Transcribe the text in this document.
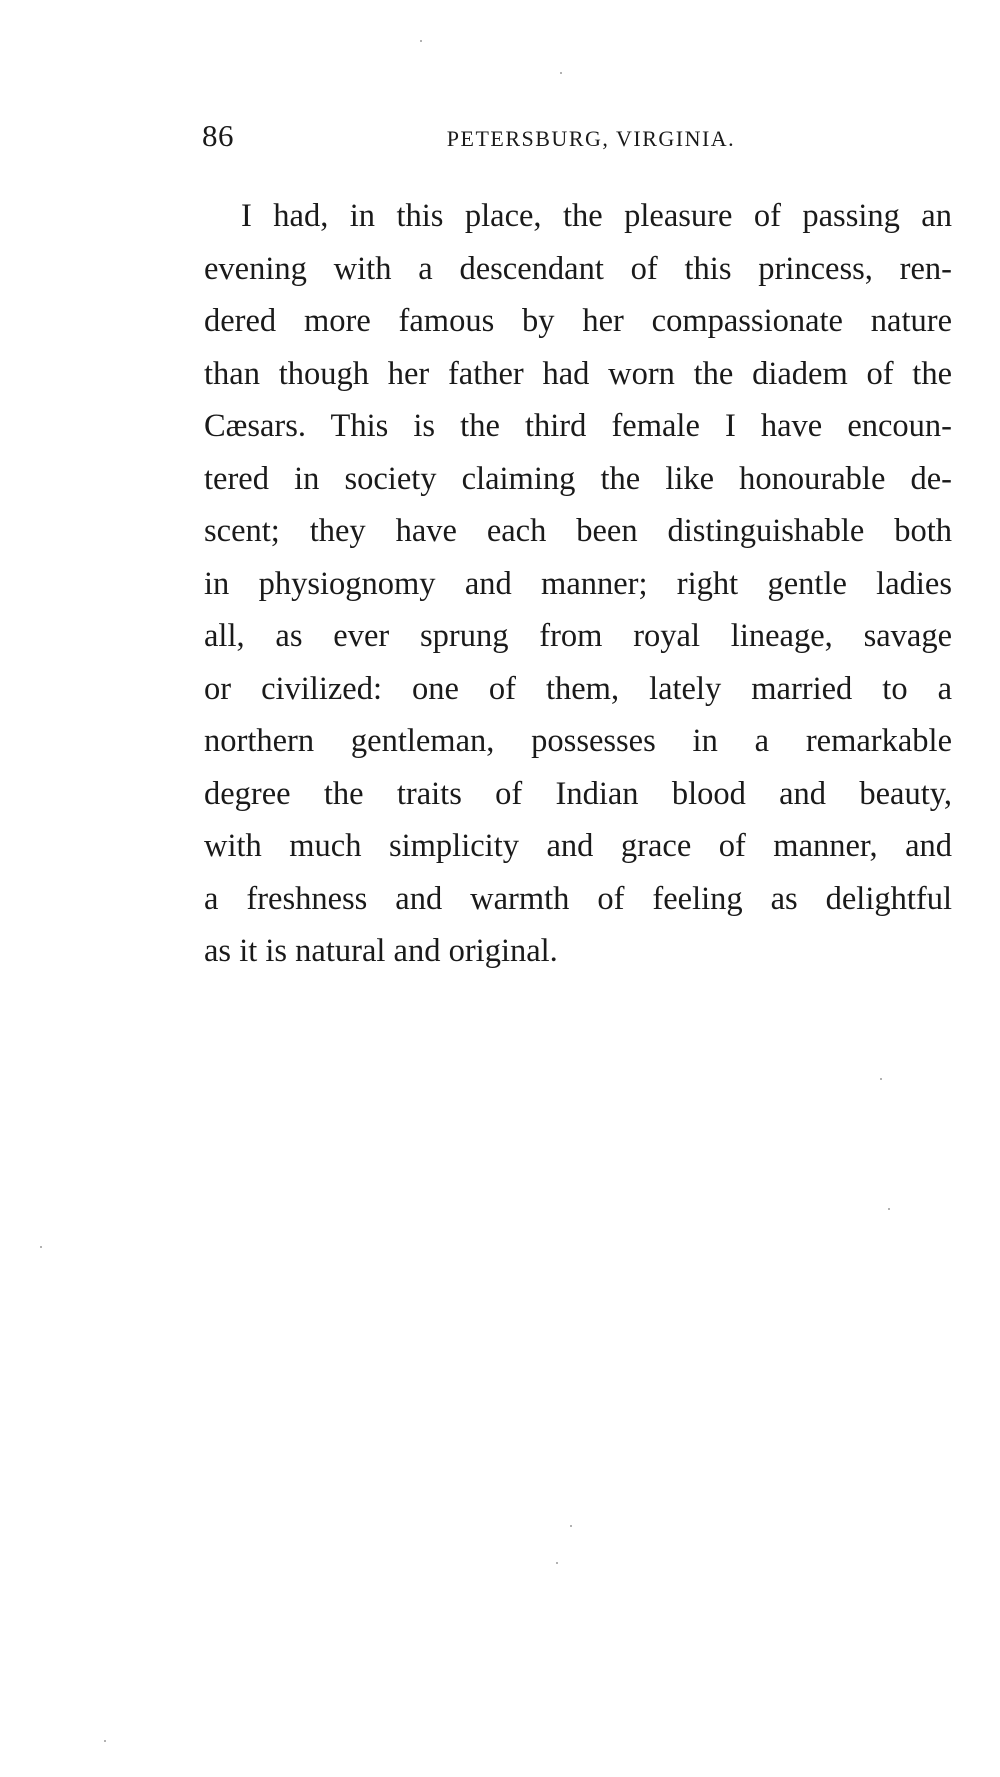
86	PETERSBURG, VIRGINIA.
I had, in this place, the pleasure of passing an
evening with a descendant of this princess, ren-
dered more famous by her compassionate nature
than though her father had worn the diadem of the
Cæsars. This is the third female I have encoun-
tered in society claiming the like honourable de-
scent; they have each been distinguishable both
in physiognomy and manner; right gentle ladies
all, as ever sprung from royal lineage, savage
or civilized: one of them, lately married to a
northern gentleman, possesses in a remarkable
degree the traits of Indian blood and beauty,
with much simplicity and grace of manner, and
a freshness and warmth of feeling as delightful
as it is natural and original.
